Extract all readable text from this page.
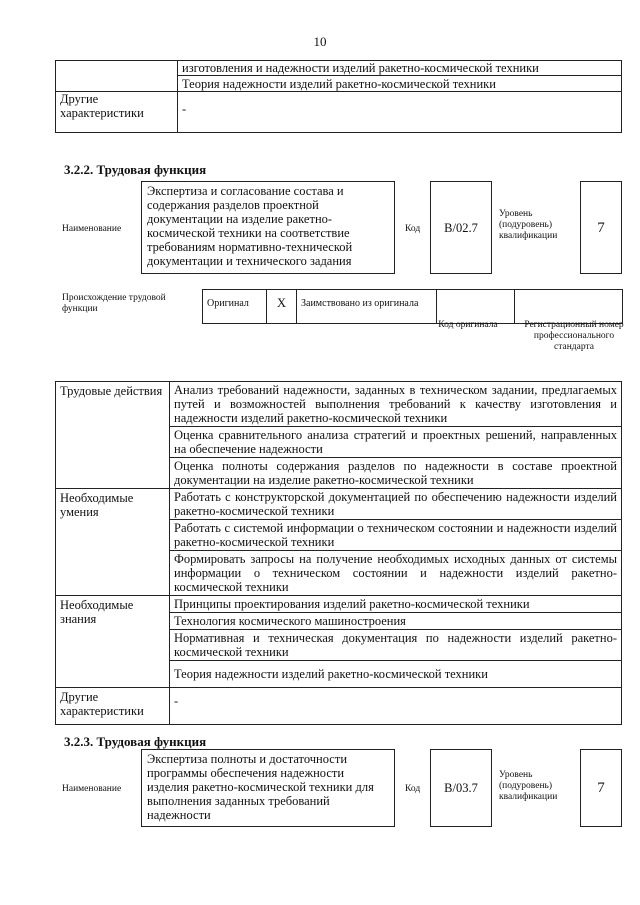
10

	изготовления и надежности изделий ракетно-космической техники
Теория надежности изделий ракетно-космической техники

Другие характеристики	-
3.2.2. Трудовая функция
Наименование
Экспертиза и согласование состава и содержания разделов проектной документации на изделие ракетно-космической техники на соответствие требованиям нормативно-технической документации и технического задания
Код B/02.7
Уровень (подуровень) квалификации
7
Происхождение трудовой функции	Оригинал	X	Заимствовано из оригинала		
Код оригинала	Регистрационный номер профессионального стандарта
Трудовые действия	Анализ требований надежности, заданных в техническом задании, предлагаемых путей и возможностей выполнения требований к качеству изготовления и надежности изделий ракетно-космической техники
	Оценка сравнительного анализа стратегий и проектных решений, направленных на обеспечение надежности
	Оценка полноты содержания разделов по надежности в составе проектной документации на изделие ракетно-космической техники
Необходимые умения	Работать с конструкторской документацией по обеспечению надежности изделий ракетно-космической техники
	Работать с системой информации о техническом состоянии и надежности изделий ракетно-космической техники
	Формировать запросы на получение необходимых исходных данных от системы информации о техническом состоянии и надежности изделий ракетно-космической техники
Необходимые знания	Принципы проектирования изделий ракетно-космической техники
	Технология космического машиностроения
	Нормативная и техническая документация по надежности изделий ракетно-космической техники
	Теория надежности изделий ракетно-космической техники
Другие характеристики	-
3.2.3. Трудовая функция
Наименование
Экспертиза полноты и достаточности программы обеспечения надежности изделия ракетно-космической техники для выполнения заданных требований надежности
Код B/03.7
Уровень (подуровень) квалификации
7
